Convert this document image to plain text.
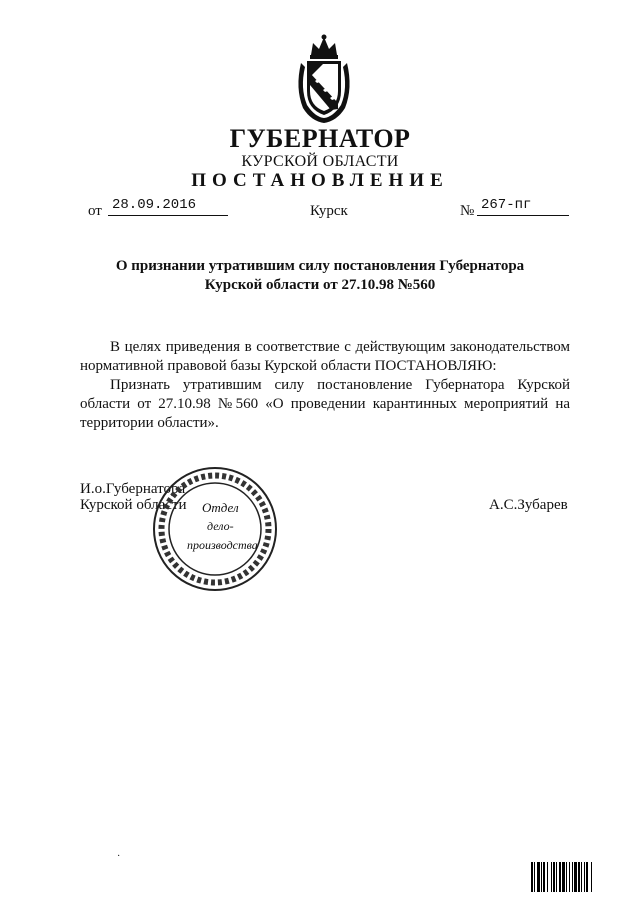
ГУБЕРНАТОР
КУРСКОЙ ОБЛАСТИ
ПОСТАНОВЛЕНИЕ
от 28.09.2016	Курск	№ 267-пг
О признании утратившим силу постановления Губернатора
Курской области от 27.10.98 №560

В целях приведения в соответствие с действующим законодательством

нормативной правовой базы Курской области ПОСТАНОВЛЯЮ:

Признать утратившим силу постановление Губернатора Курской

области от 27.10.98 №560 «О проведении карантинных мероприятий на
территории области».

И.о.Губернатора
Курской области	А.С.Зубарев
Отдел
дело-
производства
·
